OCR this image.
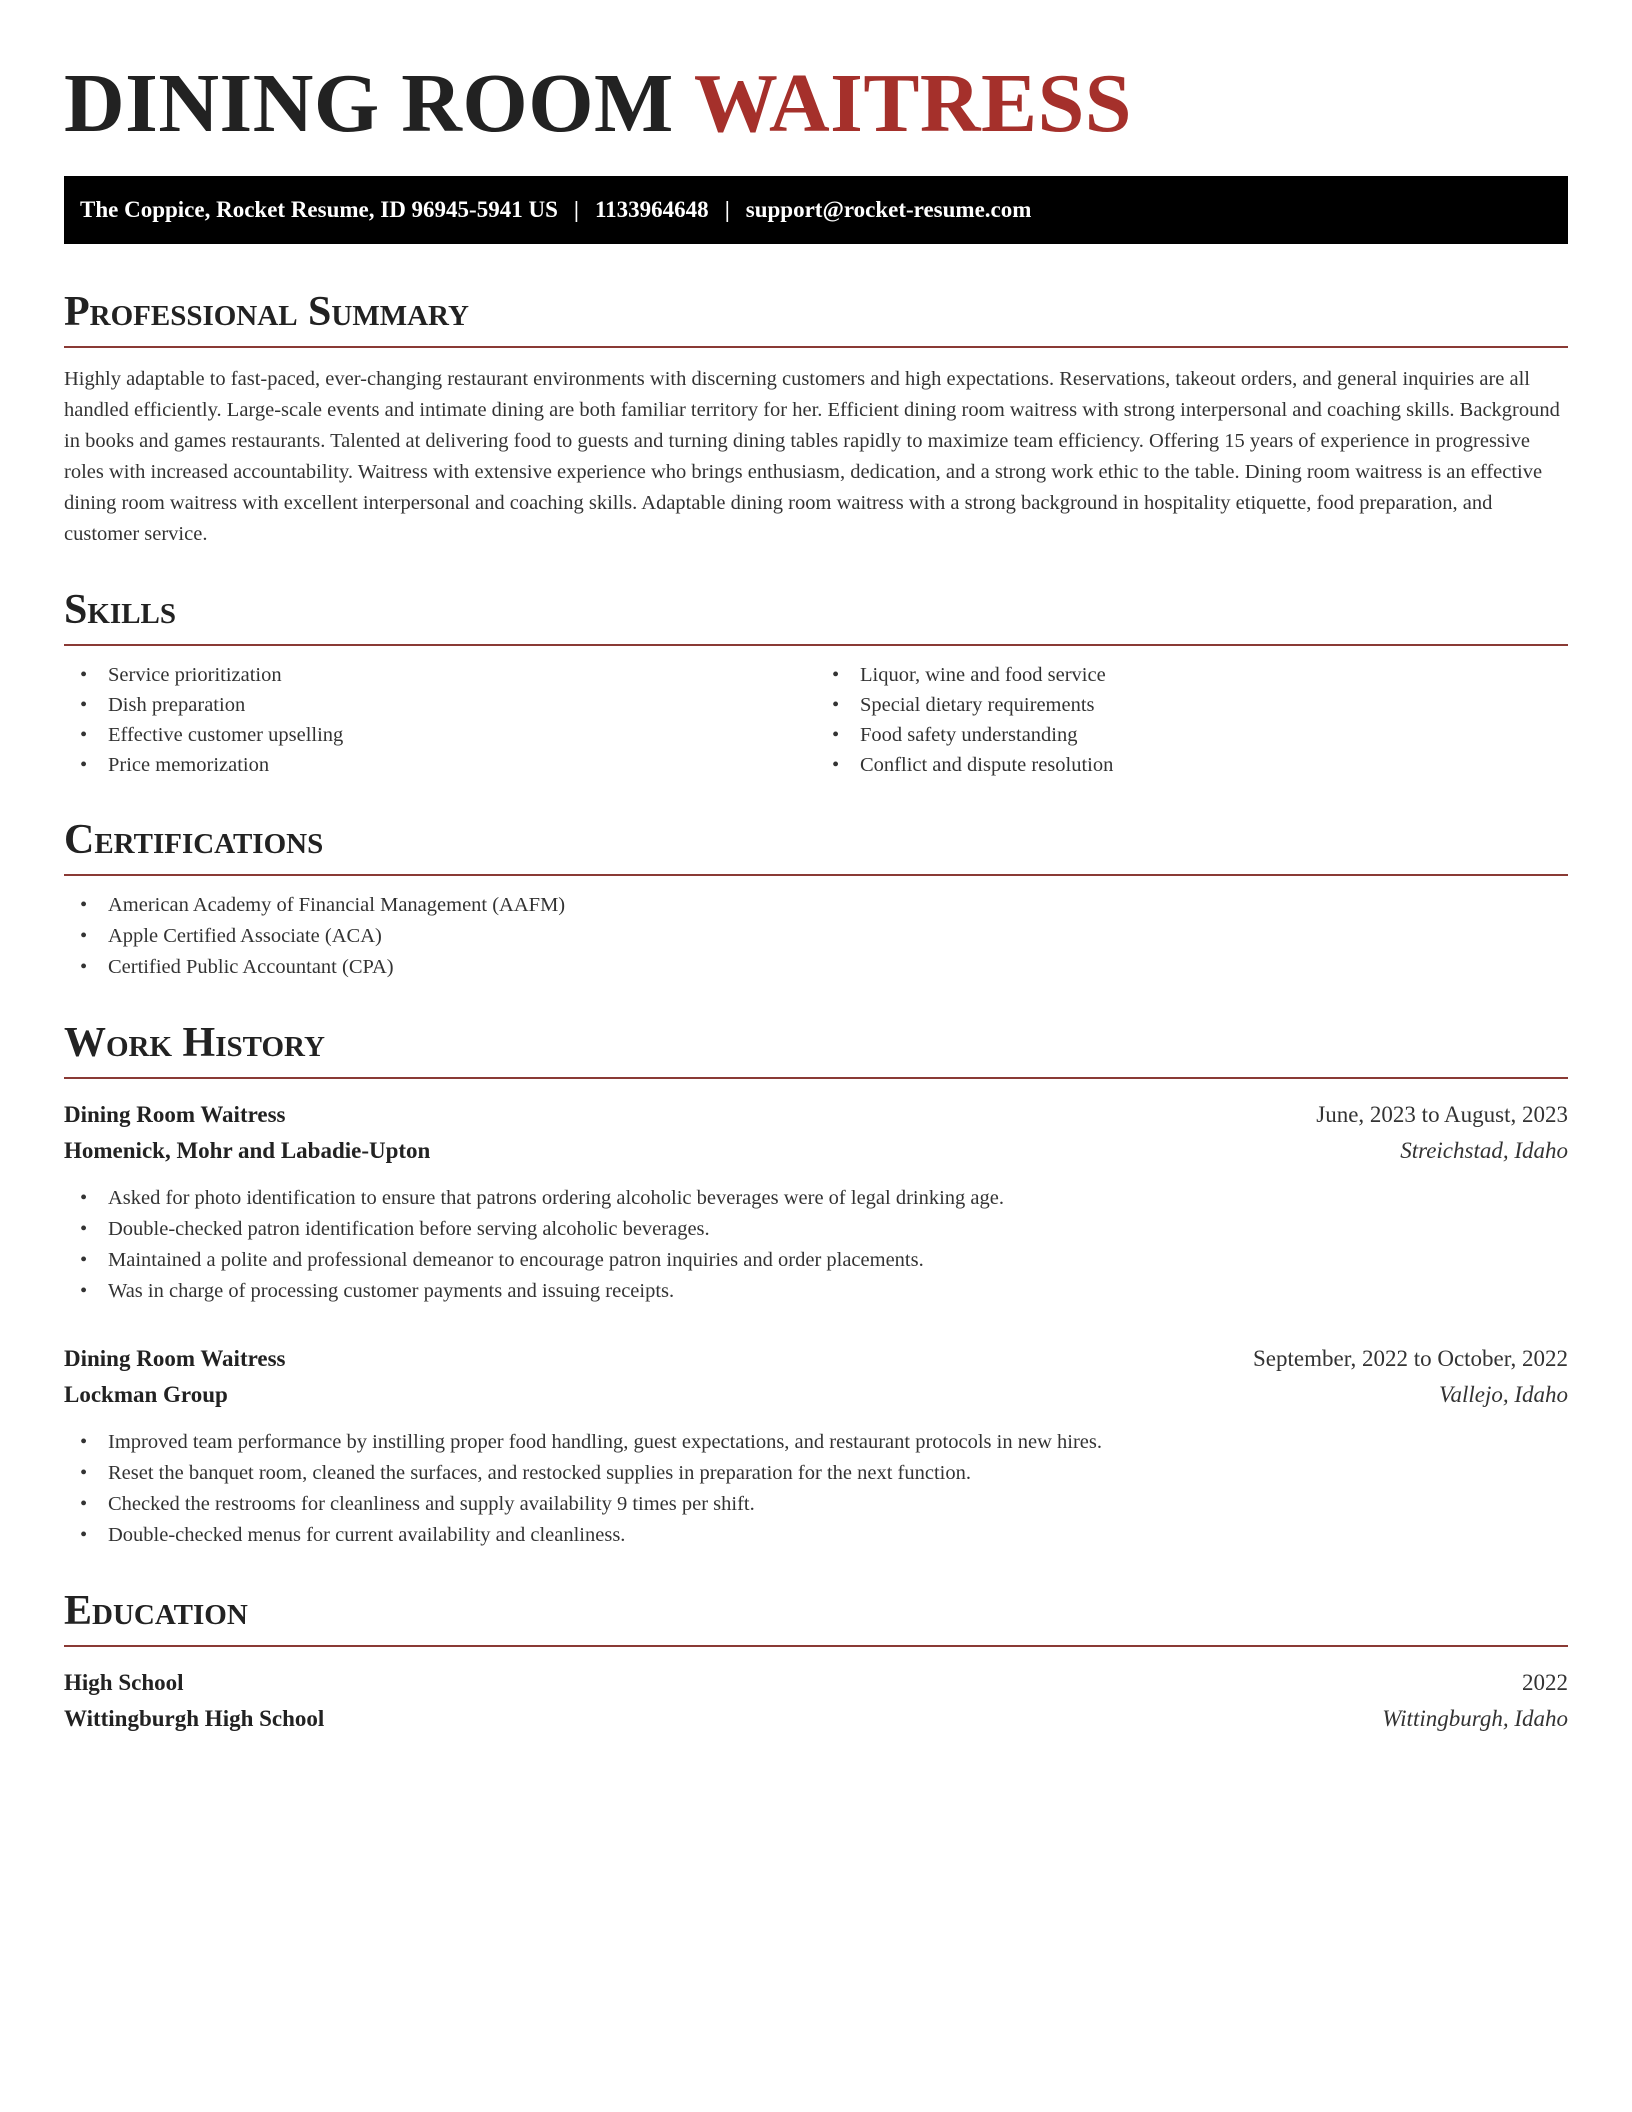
DINING ROOM WAITRESS
The Coppice, Rocket Resume, ID 96945-5941 US | 1133964648 | support@rocket-resume.com
Professional Summary

Highly adaptable to fast-paced, ever-changing restaurant environments with discerning customers and high expectations. Reservations, takeout orders, and general inquiries are all handled efficiently. Large-scale events and intimate dining are both familiar territory for her. Efficient dining room waitress with strong interpersonal and coaching skills. Background in books and games restaurants. Talented at delivering food to guests and turning dining tables rapidly to maximize team efficiency. Offering 15 years of experience in progressive roles with increased accountability. Waitress with extensive experience who brings enthusiasm, dedication, and a strong work ethic to the table. Dining room waitress is an effective dining room waitress with excellent interpersonal and coaching skills. Adaptable dining room waitress with a strong background in hospitality etiquette, food preparation, and customer service.

Skills
• Service prioritization
• Dish preparation
• Effective customer upselling
• Price memorization
• Liquor, wine and food service
• Special dietary requirements
• Food safety understanding
• Conflict and dispute resolution
Certifications
• American Academy of Financial Management (AAFM)
• Apple Certified Associate (ACA)
• Certified Public Accountant (CPA)
Work History
Dining Room Waitress	June, 2023 to August, 2023
Homenick, Mohr and Labadie-Upton	Streichstad, Idaho
• Asked for photo identification to ensure that patrons ordering alcoholic beverages were of legal drinking age.
• Double-checked patron identification before serving alcoholic beverages.
• Maintained a polite and professional demeanor to encourage patron inquiries and order placements.
• Was in charge of processing customer payments and issuing receipts.
Dining Room Waitress	September, 2022 to October, 2022
Lockman Group	Vallejo, Idaho
• Improved team performance by instilling proper food handling, guest expectations, and restaurant protocols in new hires.
• Reset the banquet room, cleaned the surfaces, and restocked supplies in preparation for the next function.
• Checked the restrooms for cleanliness and supply availability 9 times per shift.
• Double-checked menus for current availability and cleanliness.
Education
High School	2022
Wittingburgh High School	Wittingburgh, Idaho
